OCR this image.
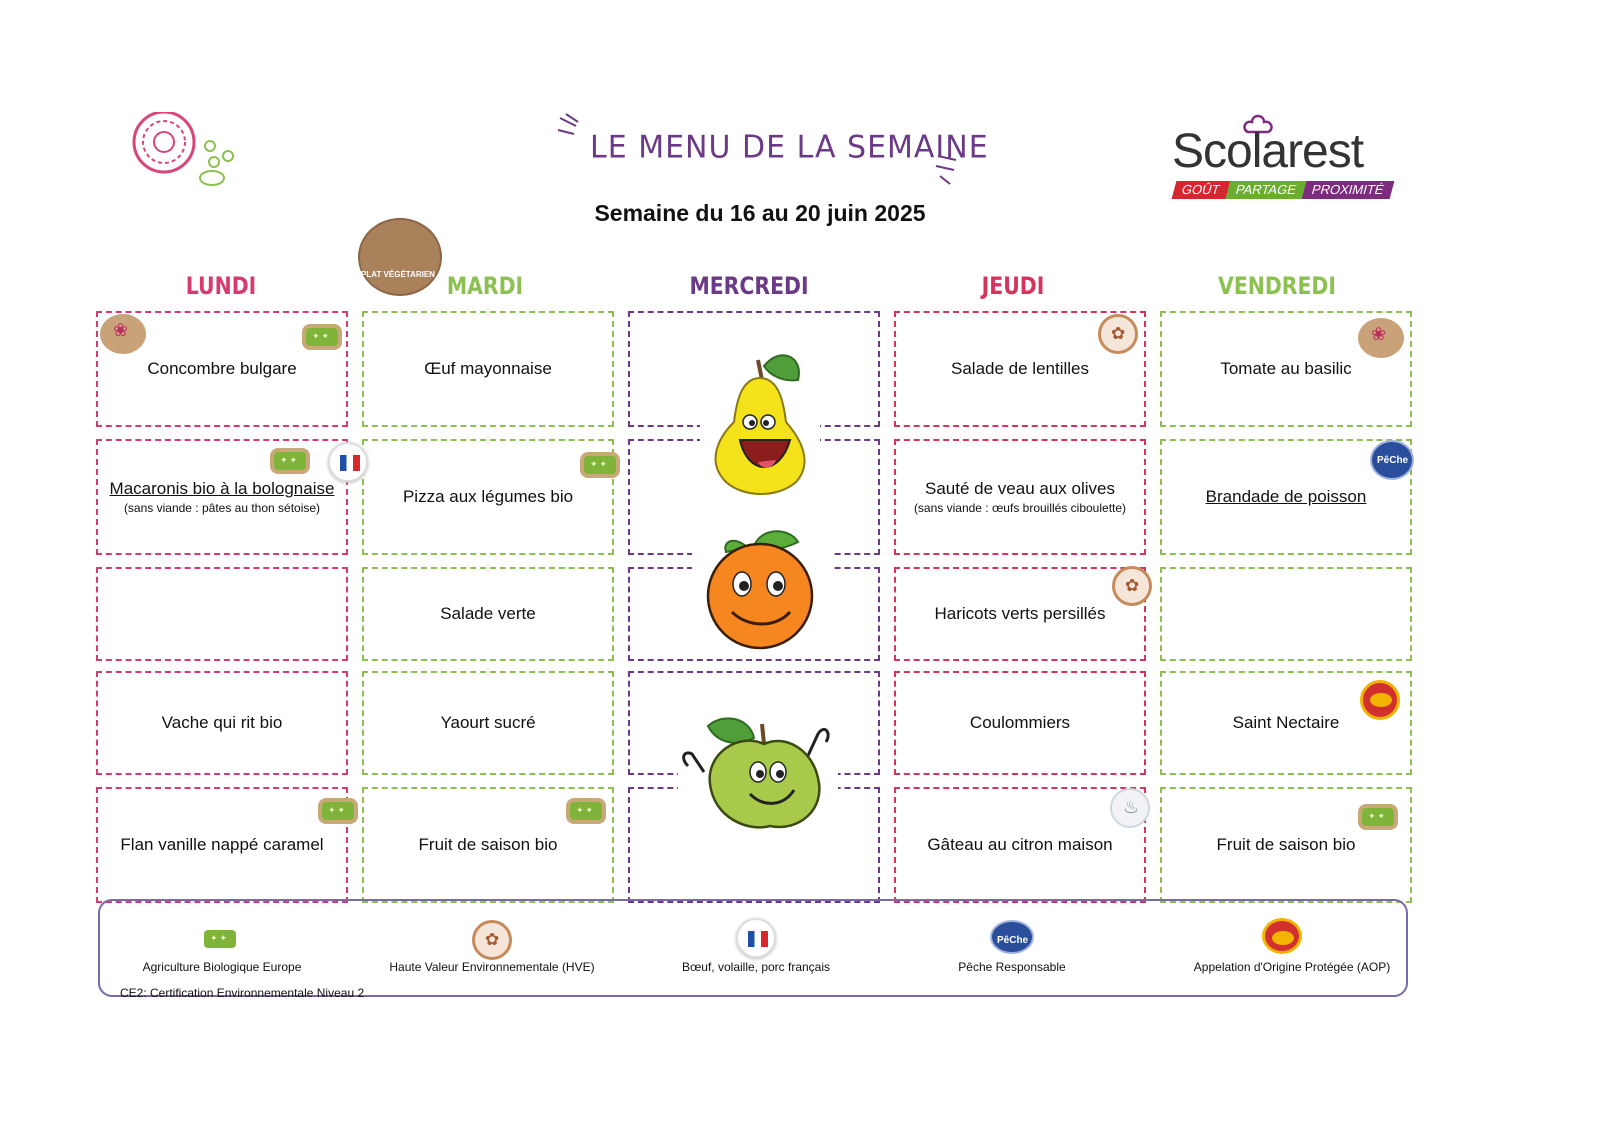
LE MENU DE LA SEMAINE
Semaine du 16 au 20 juin 2025
Scolarest
GOÛT PARTAGE PROXIMITÉ
PLAT VÉGÉTARIEN
LUNDI	MARDI	MERCREDI	JEUDI	VENDREDI
Concombre bulgare
Macaronis bio à la bolognaise
(sans viande : pâtes au thon sétoise)
Vache qui rit bio
Flan vanille nappé caramel
Œuf mayonnaise
Pizza aux légumes bio
Salade verte
Yaourt sucré
Fruit de saison bio
Salade de lentilles
Sauté de veau aux olives
(sans viande : œufs brouillés ciboulette)
Haricots verts persillés
Coulommiers
Gâteau au citron maison
Tomate au basilic
Brandade de poisson
Saint Nectaire
Fruit de saison bio
❀
✦✦
✦✦
✦✦
✦✦
✦✦
✿
✿
♨
❀
PêChe
✦✦
✦✦
Agriculture Biologique Europe
✿	Haute Valeur Environnementale (HVE)	Bœuf, volaille, porc français
PêChe	Pêche Responsable	Appelation d'Origine Protégée (AOP)
CE2: Certification Environnementale Niveau 2
